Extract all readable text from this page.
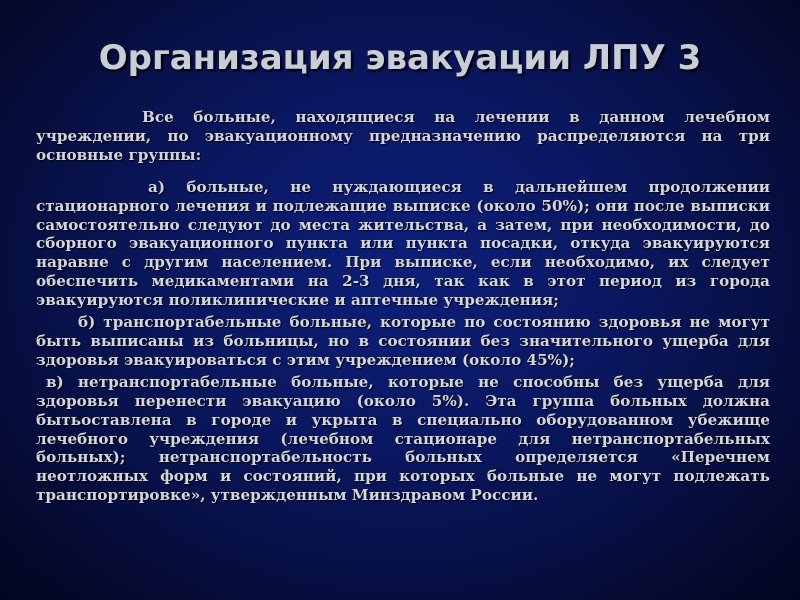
Организация эвакуации ЛПУ 3

Все больные, находящиеся на лечении в данном лечебном учреждении, по эвакуационному предназначению распределяются на три основные группы:

а) больные, не нуждающиеся в дальнейшем продолжении стационарного лечения и подлежащие выписке (около 50%); они после выписки самостоятельно следуют до места жительства, а затем, при необходимости, до сборного эвакуационного пункта или пункта посадки, откуда эвакуируются наравне с другим населением. При выписке, если необходимо, их следует обеспечить медикаментами на 2-3 дня, так как в этот период из города эвакуируются поликлинические и аптечные учреждения;

б) транспортабельные больные, которые по состоянию здоровья не могут быть выписаны из больницы, но в состоянии без значительного ущерба для здоровья эвакуироваться с этим учреждением (около 45%);

в) нетранспортабельные больные, которые не способны без ущерба для здоровья перенести эвакуацию (около 5%). Эта группа больных должна бытьоставлена в городе и укрыта в специально оборудованном убежище лечебного учреждения (лечебном стационаре для нетранспортабельных больных); нетранспортабельность больных определяется «Перечнем неотложных форм и состояний, при которых больные не могут подлежать транспортировке», утвержденным Минздравом России.
